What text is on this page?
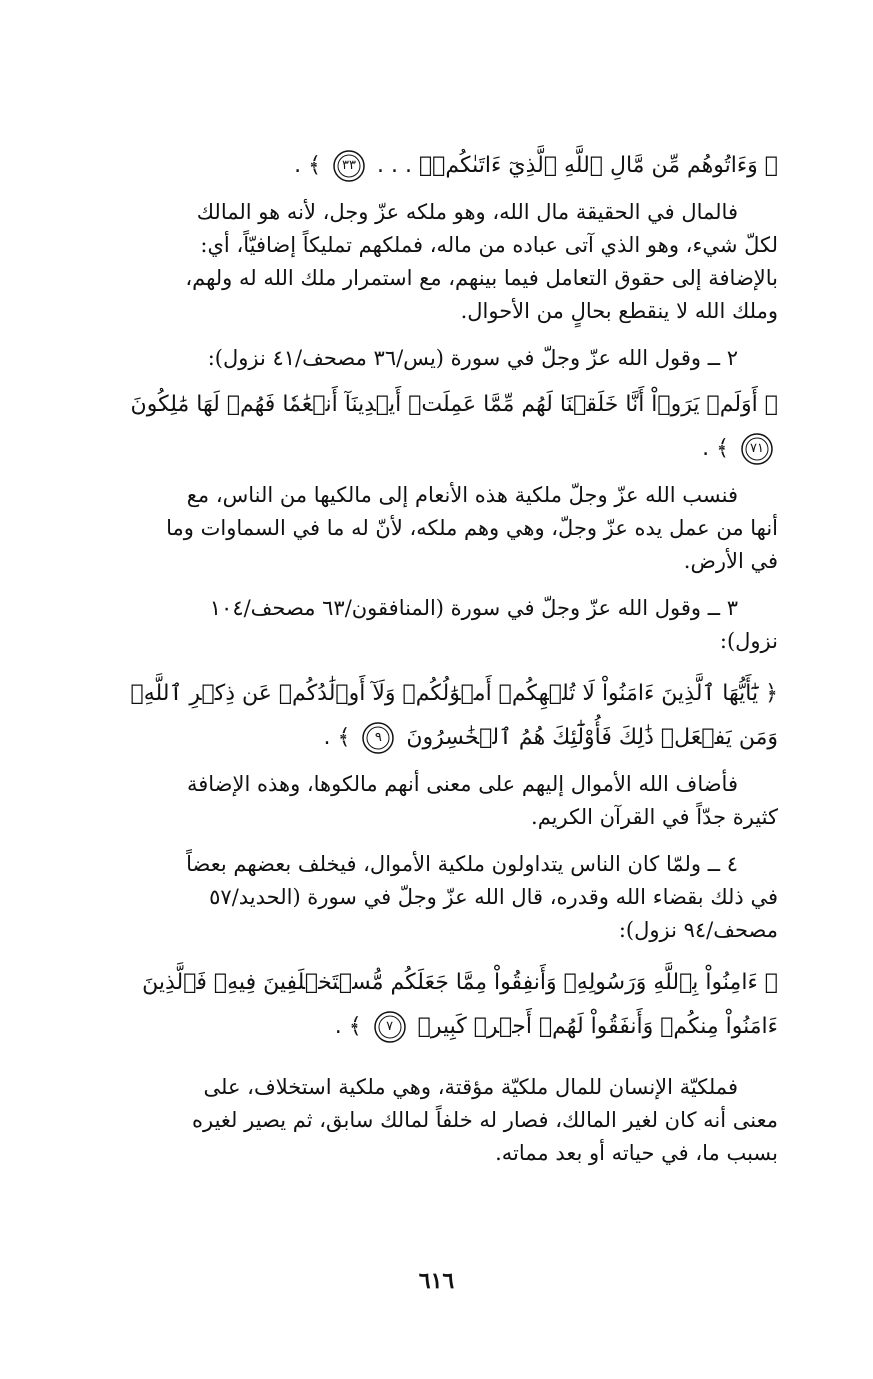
﴿ وَءَاتُوهُم مِّن مَّالِ ٱللَّهِ ٱلَّذِيٓ ءَاتَىٰكُمۡۚ . . .
٣٣
﴾ .

فالمال في الحقيقة مال الله، وهو ملكه عزّ وجل، لأنه هو المالك

لكلّ شيء، وهو الذي آتى عباده من ماله، فملكهم تمليكاً إضافيّاً، أي:

بالإضافة إلى حقوق التعامل فيما بينهم، مع استمرار ملك الله له ولهم،

وملك الله لا ينقطع بحالٍ من الأحوال.

٢ ــ وقول الله عزّ وجلّ في سورة (يس/٣٦ مصحف/٤١ نزول):

﴿ أَوَلَمۡ يَرَوۡاْ أَنَّا خَلَقۡنَا لَهُم مِّمَّا عَمِلَتۡ أَيۡدِينَآ أَنۡعَٰمٗا فَهُمۡ لَهَا مَٰلِكُونَ
٧١
﴾ .

فنسب الله عزّ وجلّ ملكية هذه الأنعام إلى مالكيها من الناس، مع

أنها من عمل يده عزّ وجلّ، وهي وهم ملكه، لأنّ له ما في السماوات وما

في الأرض.

٣ ــ وقول الله عزّ وجلّ في سورة (المنافقون/٦٣ مصحف/١٠٤

نزول):

﴿ يَٰٓأَيُّهَا ٱلَّذِينَ ءَامَنُواْ لَا تُلۡهِكُمۡ أَمۡوَٰلُكُمۡ وَلَآ أَوۡلَٰدُكُمۡ عَن ذِكۡرِ ٱللَّهِۚ وَمَن يَفۡعَلۡ ذَٰلِكَ فَأُوْلَٰٓئِكَ هُمُ ٱلۡخَٰسِرُونَ
٩
﴾ .

فأضاف الله الأموال إليهم على معنى أنهم مالكوها، وهذه الإضافة

كثيرة جدّاً في القرآن الكريم.

٤ ــ ولمّا كان الناس يتداولون ملكية الأموال، فيخلف بعضهم بعضاً

في ذلك بقضاء الله وقدره، قال الله عزّ وجلّ في سورة (الحديد/٥٧

مصحف/٩٤ نزول):

﴿ ءَامِنُواْ بِٱللَّهِ وَرَسُولِهِۦ وَأَنفِقُواْ مِمَّا جَعَلَكُم مُّسۡتَخۡلَفِينَ فِيهِۖ فَٱلَّذِينَ ءَامَنُواْ مِنكُمۡ وَأَنفَقُواْ لَهُمۡ أَجۡرٞ كَبِيرٞ
٧
﴾ .

فملكيّة الإنسان للمال ملكيّة مؤقتة، وهي ملكية استخلاف، على

معنى أنه كان لغير المالك، فصار له خلفاً لمالك سابق، ثم يصير لغيره

بسبب ما، في حياته أو بعد مماته.

٦١٦
